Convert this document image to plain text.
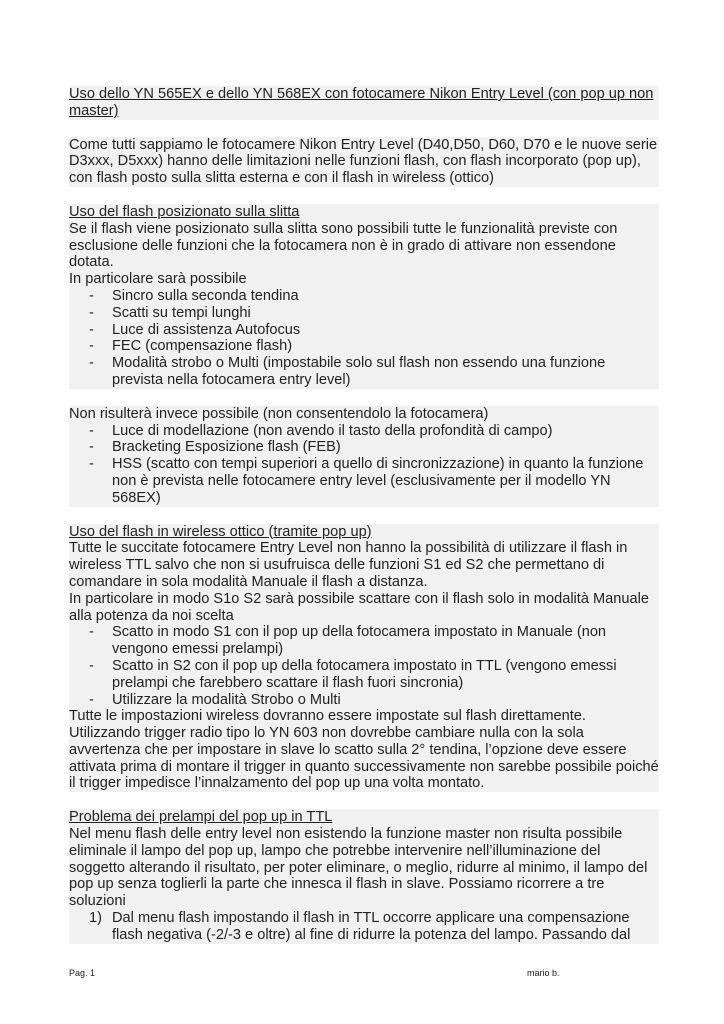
Uso dello YN 565EX e dello YN 568EX con fotocamere Nikon Entry Level (con pop up non master)

Come tutti sappiamo le fotocamere Nikon Entry Level (D40,D50, D60, D70 e le nuove serie D3xxx, D5xxx) hanno delle limitazioni nelle funzioni flash, con flash incorporato (pop up), con flash posto sulla slitta esterna e con il flash in wireless (ottico)

Uso del flash posizionato sulla slitta

Se il flash viene posizionato sulla slitta sono possibili tutte le funzionalità previste con esclusione delle funzioni che la fotocamera non è in grado di attivare non essendone dotata.

In particolare sarà possibile

- Sincro sulla seconda tendina
- Scatti su tempi lunghi
- Luce di assistenza Autofocus
- FEC (compensazione flash)
- Modalità strobo o Multi (impostabile solo sul flash non essendo una funzione prevista nella fotocamera entry level)

Non risulterà invece possibile (non consentendolo la fotocamera)

- Luce di modellazione (non avendo il tasto della profondità di campo)
- Bracketing Esposizione flash (FEB)
- HSS (scatto con tempi superiori a quello di sincronizzazione) in quanto la funzione non è prevista nelle fotocamere entry level (esclusivamente per il modello YN 568EX)

Uso del flash in wireless ottico (tramite pop up)

Tutte le succitate fotocamere Entry Level non hanno la possibilità di utilizzare il flash in wireless TTL salvo che non si usufruisca delle funzioni S1 ed S2 che permettano di comandare in sola modalità Manuale il flash a distanza.

In particolare in modo S1o S2 sarà possibile scattare con il flash solo in modalità Manuale alla potenza da noi scelta

- Scatto in modo S1 con il pop up della fotocamera impostato in Manuale (non vengono emessi prelampi)
- Scatto in S2 con il pop up della fotocamera impostato in TTL (vengono emessi prelampi che farebbero scattare il flash fuori sincronia)
- Utilizzare la modalità Strobo o Multi

Tutte le impostazioni wireless dovranno essere impostate sul flash direttamente.

Utilizzando trigger radio tipo lo YN 603 non dovrebbe cambiare nulla con la sola avvertenza che per impostare in slave lo scatto sulla 2° tendina, l’opzione deve essere attivata prima di montare il trigger in quanto successivamente non sarebbe possibile poiché il trigger impedisce l’innalzamento del pop up una volta montato.

Problema dei prelampi del pop up in TTL

Nel menu flash delle entry level non esistendo la funzione master non risulta possibile eliminale il lampo del pop up, lampo che potrebbe intervenire nell’illuminazione del soggetto alterando il risultato, per poter eliminare, o meglio, ridurre al minimo, il lampo del pop up senza toglierli la parte che innesca il flash in slave. Possiamo ricorrere a tre soluzioni

1) Dal menu flash impostando il flash in TTL occorre applicare una compensazione flash negativa (-2/-3 e oltre) al fine di ridurre la potenza del lampo. Passando dal
Pag. 1	mario b.
